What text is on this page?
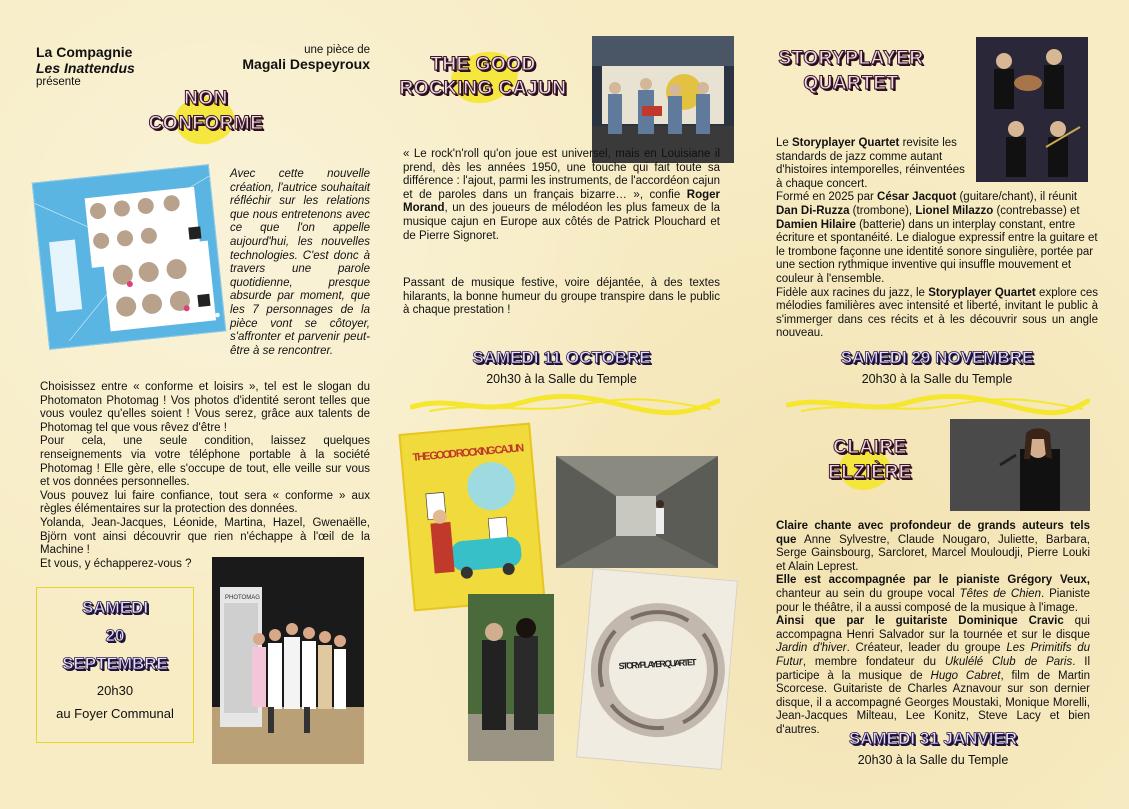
La Compagnie
Les Inattendus
présente
une pièce de
Magali Despeyroux
NON
CONFORME
Avec cette nouvelle création, l'autrice souhaitait réfléchir sur les relations que nous entretenons avec ce que l'on appelle aujourd'hui, les nouvelles technologies. C'est donc à travers une parole quotidienne, presque absurde par moment, que les 7 personnages de la pièce vont se côtoyer, s'affronter et parvenir peut-être à se rencontrer.
Choisissez entre « conforme et loisirs », tel est le slogan du Photomaton Photomag ! Vos photos d'identité seront telles que vous voulez qu'elles soient ! Vous serez, grâce aux talents de Photomag tel que vous rêvez d'être !
Pour cela, une seule condition, laissez quelques renseignements via votre téléphone portable à la société Photomag ! Elle gère, elle s'occupe de tout, elle veille sur vous et vos données personnelles.
Vous pouvez lui faire confiance, tout sera « conforme » aux règles élémentaires sur la protection des données.
Yolanda, Jean-Jacques, Léonide, Martina, Hazel, Gwenaëlle, Björn vont ainsi découvrir que rien n'échappe à l'œil de la Machine !
Et vous, y échapperez-vous ?
SAMEDI
20
SEPTEMBRE
20h30
au Foyer Communal
PHOTOMAG
THE GOOD
ROCKING CAJUN
« Le rock'n'roll qu'on joue est universel, mais en Louisiane il prend, dès les années 1950, une touche qui fait toute sa différence : l'ajout, parmi les instruments, de l'accordéon cajun et de paroles dans un français bizarre… », confie Roger Morand, un des joueurs de mélodéon les plus fameux de la musique cajun en Europe aux côtés de Patrick Plouchard et de Pierre Signoret.
Passant de musique festive, voire déjantée, à des textes hilarants, la bonne humeur du groupe transpire dans le public à chaque prestation !
SAMEDI 11 OCTOBRE
20h30 à la Salle du Temple
THE GOOD ROCKING CAJUN
STORYPLAYER QUARTET
STORYPLAYER
QUARTET
Le Storyplayer Quartet revisite les standards de jazz comme autant d'histoires intemporelles, réinventées à chaque concert.
Formé en 2025 par César Jacquot (guitare/chant), il réunit Dan Di-Ruzza (trombone), Lionel Milazzo (contrebasse) et Damien Hilaire (batterie) dans un interplay constant, entre écriture et spontanéité. Le dialogue expressif entre la guitare et le trombone façonne une identité sonore singulière, portée par une section rythmique inventive qui insuffle mouvement et couleur à l'ensemble.
Fidèle aux racines du jazz, le Storyplayer Quartet explore ces mélodies familières avec intensité et liberté, invitant le public à s'immerger dans ces récits et à les découvrir sous un angle nouveau.
SAMEDI 29 NOVEMBRE
20h30 à la Salle du Temple
CLAIRE
ELZIÈRE
Claire chante avec profondeur de grands auteurs tels que Anne Sylvestre, Claude Nougaro, Juliette, Barbara, Serge Gainsbourg, Sarcloret, Marcel Mouloudji, Pierre Louki et Alain Leprest.
Elle est accompagnée par le pianiste Grégory Veux, chanteur au sein du groupe vocal Têtes de Chien. Pianiste pour le théâtre, il a aussi composé de la musique à l'image.
Ainsi que par le guitariste Dominique Cravic qui accompagna Henri Salvador sur la tournée et sur le disque Jardin d'hiver. Créateur, leader du groupe Les Primitifs du Futur, membre fondateur du Ukulélé Club de Paris. Il participe à la musique de Hugo Cabret, film de Martin Scorcese. Guitariste de Charles Aznavour sur son dernier disque, il a accompagné Georges Moustaki, Monique Morelli, Jean-Jacques Milteau, Lee Konitz, Steve Lacy et bien d'autres.	SAMEDI 31 JANVIER
20h30 à la Salle du Temple
